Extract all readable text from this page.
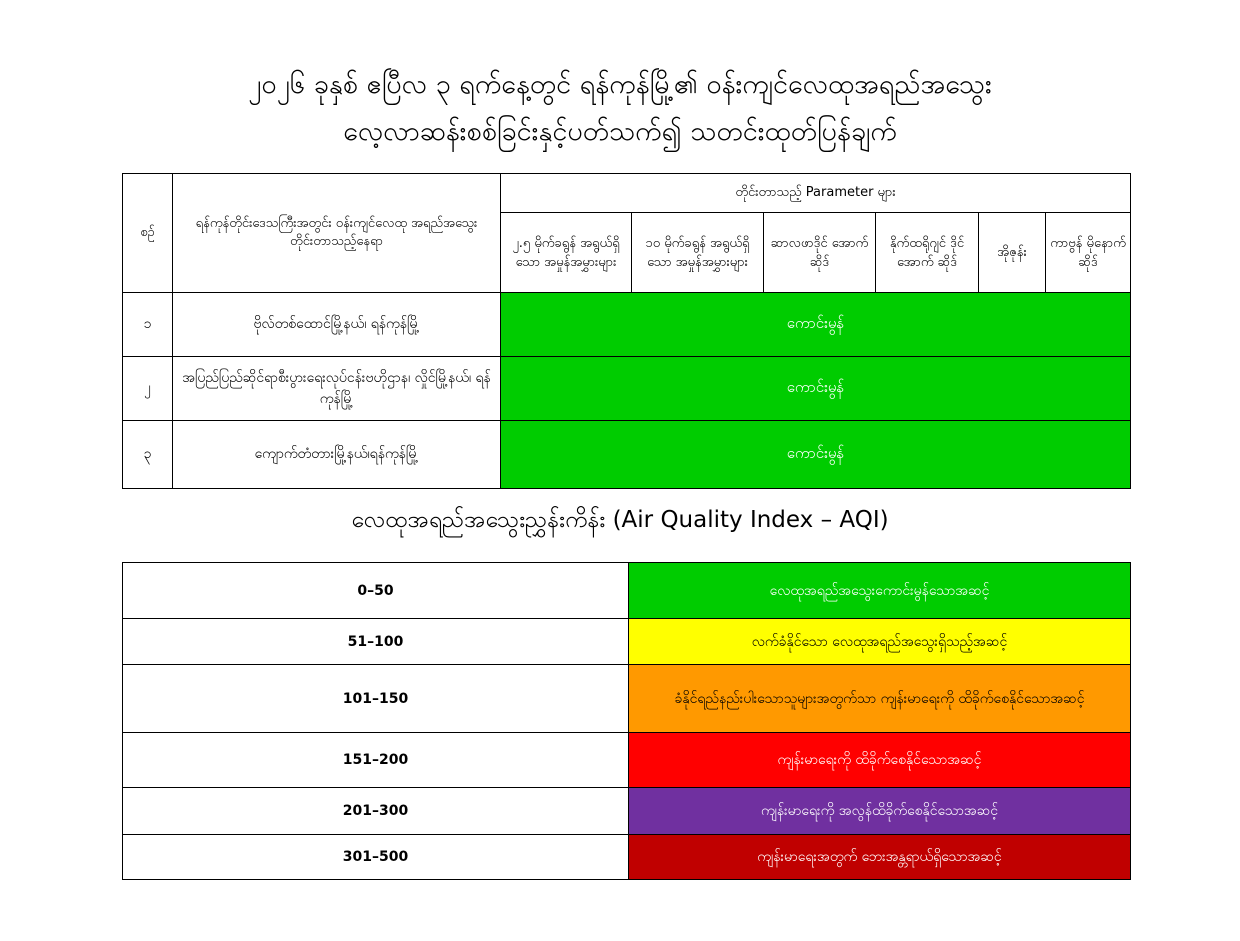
၂၀၂၆ ခုနှစ် ဧပြီလ ၃ ရက်နေ့တွင် ရန်ကုန်မြို့၏ ဝန်းကျင်လေထုအရည်အသွေး
လေ့လာဆန်းစစ်ခြင်းနှင့်ပတ်သက်၍ သတင်းထုတ်ပြန်ချက်
စဉ်	ရန်ကုန်တိုင်းဒေသကြီးအတွင်း ဝန်းကျင်လေထု အရည်အသွေး တိုင်းတာသည့်နေရာ	တိုင်းတာသည့် Parameter များ					
		၂.၅ မိုက်ခရွန် အရွယ်ရှိသော အမှုန်အမွှားများ	၁၀ မိုက်ခရွန် အရွယ်ရှိသော အမှုန်အမွှားများ	ဆာလဖာဒိုင် အောက်ဆိုဒ်	နိုက်ထရိုဂျင် ဒိုင်အောက် ဆိုဒ်	အိုဇုန်း	ကာဗွန် မိုနောက် ဆိုဒ်
၁	ဗိုလ်တစ်ထောင်မြို့နယ်၊ ရန်ကုန်မြို့	ကောင်းမွန်					
၂	အပြည်ပြည်ဆိုင်ရာစီးပွားရေးလုပ်ငန်းဗဟိုဌာန၊ လှိုင်မြို့နယ်၊ ရန်ကုန်မြို့	ကောင်းမွန်					
၃	ကျောက်တံတားမြို့နယ်၊ရန်ကုန်မြို့	ကောင်းမွန်					
လေထုအရည်အသွေးညွှန်းကိန်း (Air Quality Index – AQI)
0–50	လေထုအရည်အသွေးကောင်းမွန်သောအဆင့်
51–100	လက်ခံနိုင်သော လေထုအရည်အသွေးရှိသည့်အဆင့်
101–150	ခံနိုင်ရည်နည်းပါးသောသူများအတွက်သာ ကျန်းမာရေးကို ထိခိုက်စေနိုင်သောအဆင့်
151–200	ကျန်းမာရေးကို ထိခိုက်စေနိုင်သောအဆင့်
201–300	ကျန်းမာရေးကို အလွန်ထိခိုက်စေနိုင်သောအဆင့်
301–500	ကျန်းမာရေးအတွက် ဘေးအန္တရာယ်ရှိသောအဆင့်
